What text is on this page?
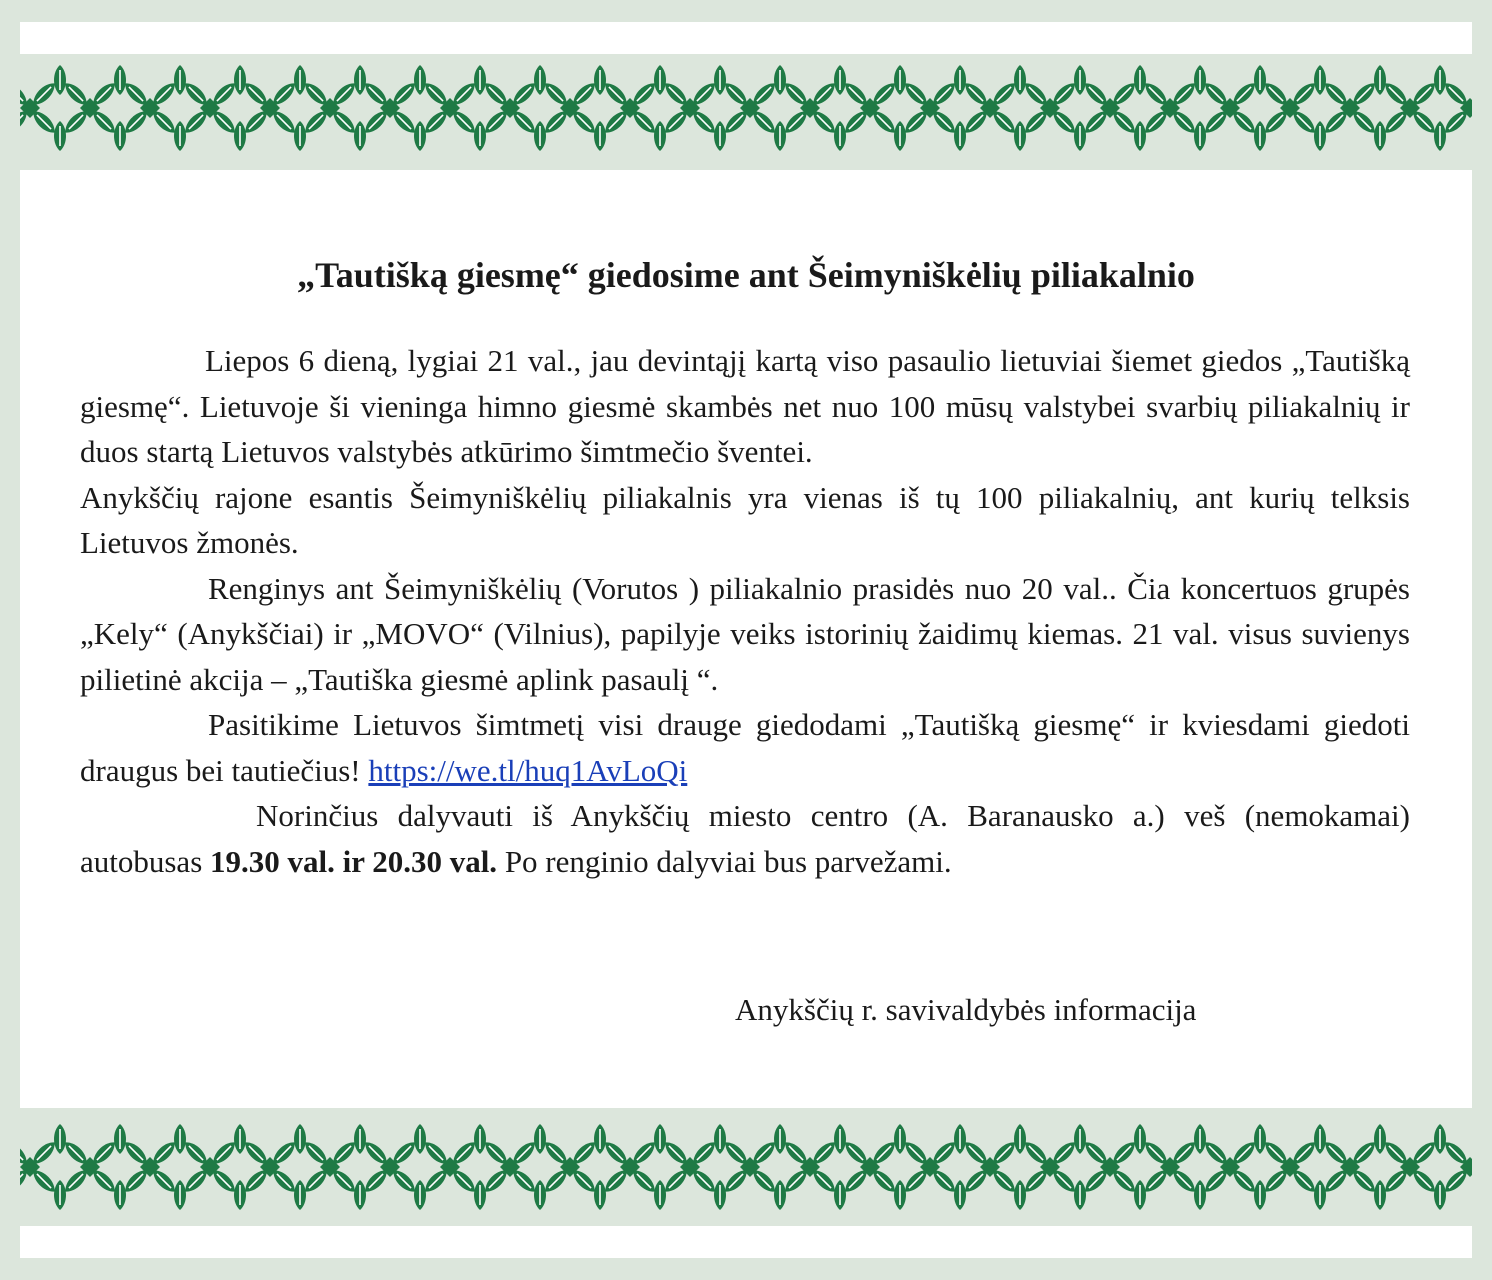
„Tautišką giesmę“ giedosime ant Šeimyniškėlių piliakalnio

Liepos 6 dieną, lygiai 21 val., jau devintąjį kartą viso pasaulio lietuviai šiemet giedos „Tautišką giesmę“. Lietuvoje ši vieninga himno giesmė skambės net nuo 100 mūsų valstybei svarbių piliakalnių ir duos startą Lietuvos valstybės atkūrimo šimtmečio šventei.

Anykščių rajone esantis Šeimyniškėlių piliakalnis yra vienas iš tų 100 piliakalnių, ant kurių telksis Lietuvos žmonės.

Renginys ant Šeimyniškėlių (Vorutos ) piliakalnio prasidės nuo 20 val.. Čia koncertuos grupės „Kely“ (Anykščiai) ir „MOVO“ (Vilnius), papilyje veiks istorinių žaidimų kiemas. 21 val. visus suvienys pilietinė akcija – „Tautiška giesmė aplink pasaulį “.

Pasitikime Lietuvos šimtmetį visi drauge giedodami „Tautišką giesmę“ ir kviesdami giedoti draugus bei tautiečius! https://we.tl/huq1AvLoQi

Norinčius dalyvauti iš Anykščių miesto centro (A. Baranausko a.) veš (nemokamai) autobusas 19.30 val. ir 20.30 val. Po renginio dalyviai bus parvežami.

Anykščių r. savivaldybės informacija
